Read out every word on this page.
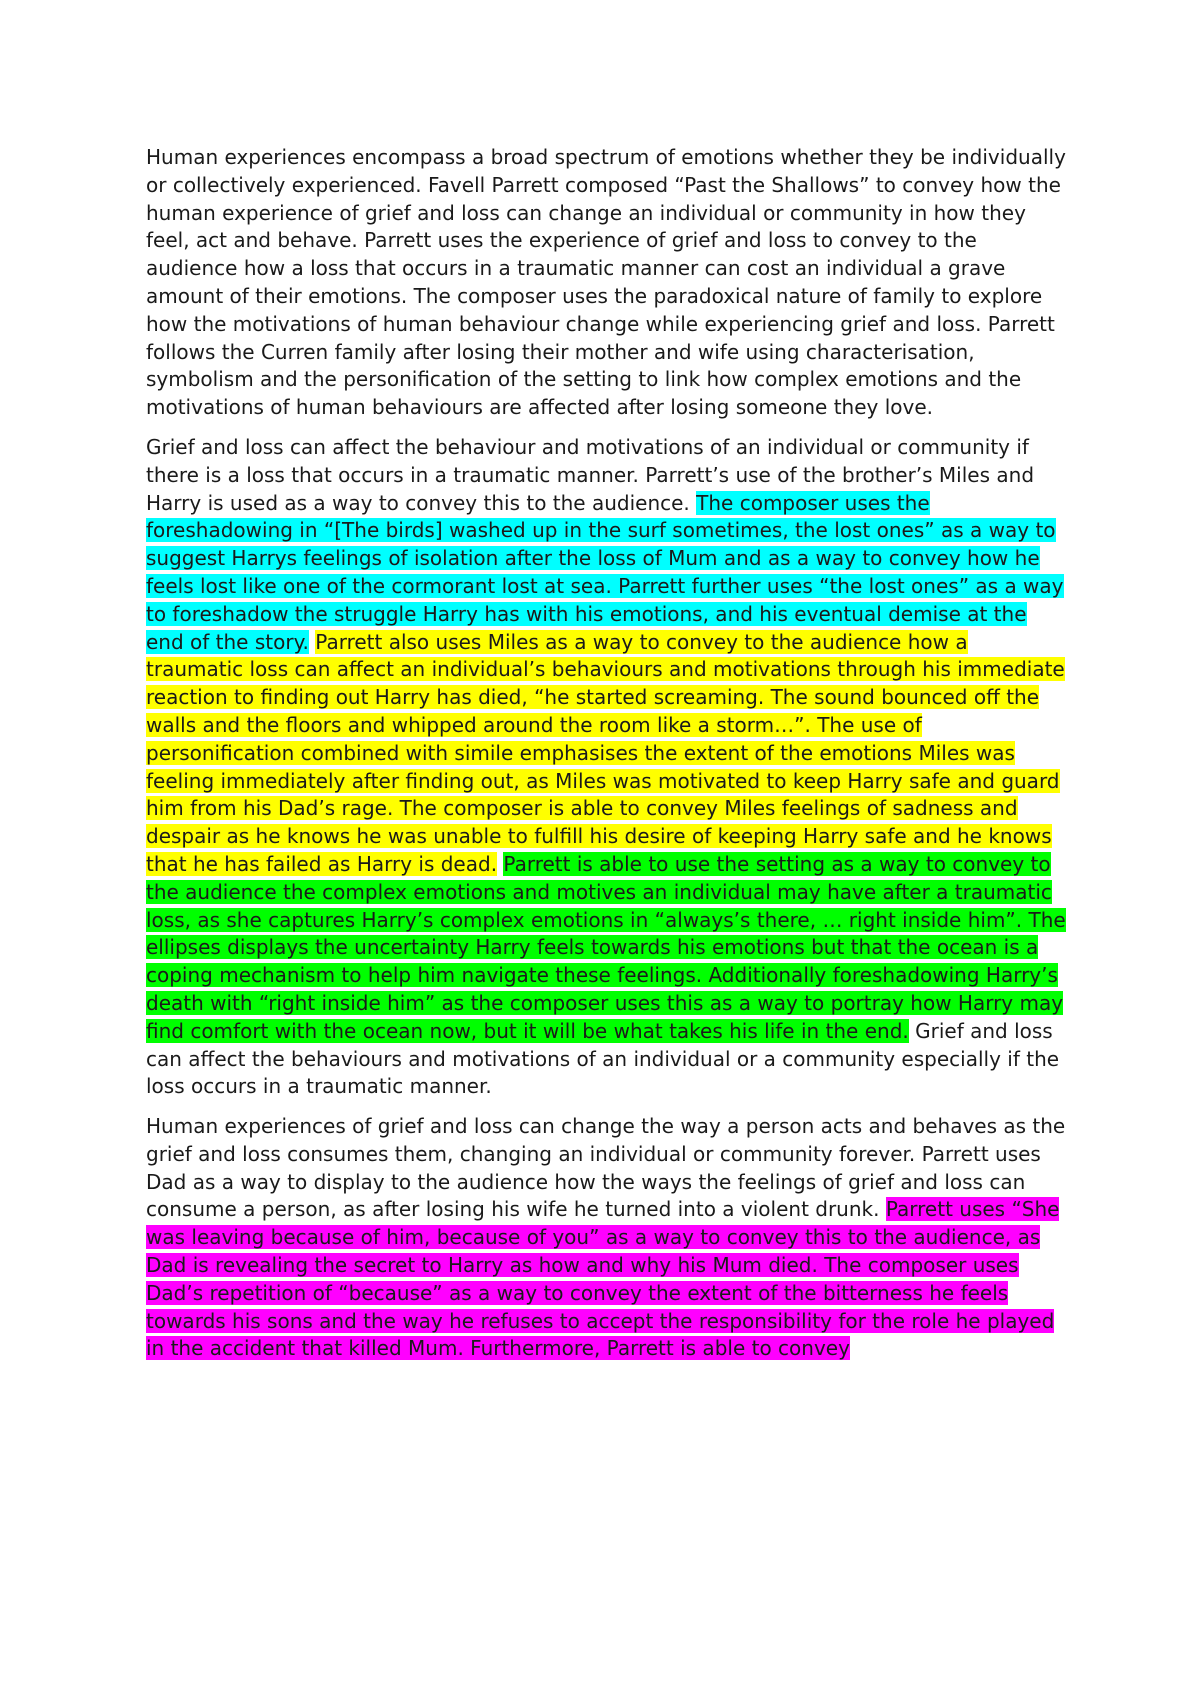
Human experiences encompass a broad spectrum of emotions whether they be individually or collectively experienced. Favell Parrett composed “Past the Shallows” to convey how the human experience of grief and loss can change an individual or community in how they feel, act and behave. Parrett uses the experience of grief and loss to convey to the audience how a loss that occurs in a traumatic manner can cost an individual a grave amount of their emotions. The composer uses the paradoxical nature of family to explore how the motivations of human behaviour change while experiencing grief and loss. Parrett follows the Curren family after losing their mother and wife using characterisation, symbolism and the personification of the setting to link how complex emotions and the motivations of human behaviours are affected after losing someone they love.

Grief and loss can affect the behaviour and motivations of an individual or community if there is a loss that occurs in a traumatic manner. Parrett’s use of the brother’s Miles and Harry is used as a way to convey this to the audience. The composer uses the foreshadowing in “[The birds] washed up in the surf sometimes, the lost ones” as a way to suggest Harrys feelings of isolation after the loss of Mum and as a way to convey how he feels lost like one of the cormorant lost at sea. Parrett further uses “the lost ones” as a way to foreshadow the struggle Harry has with his emotions, and his eventual demise at the end of the story. Parrett also uses Miles as a way to convey to the audience how a traumatic loss can affect an individual’s behaviours and motivations through his immediate reaction to finding out Harry has died, “he started screaming. The sound bounced off the walls and the floors and whipped around the room like a storm…”. The use of personification combined with simile emphasises the extent of the emotions Miles was feeling immediately after finding out, as Miles was motivated to keep Harry safe and guard him from his Dad’s rage. The composer is able to convey Miles feelings of sadness and despair as he knows he was unable to fulfill his desire of keeping Harry safe and he knows that he has failed as Harry is dead. Parrett is able to use the setting as a way to convey to the audience the complex emotions and motives an individual may have after a traumatic loss, as she captures Harry’s complex emotions in “always’s there, … right inside him”. The ellipses displays the uncertainty Harry feels towards his emotions but that the ocean is a coping mechanism to help him navigate these feelings. Additionally foreshadowing Harry’s death with “right inside him” as the composer uses this as a way to portray how Harry may find comfort with the ocean now, but it will be what takes his life in the end. Grief and loss can affect the behaviours and motivations of an individual or a community especially if the loss occurs in a traumatic manner.

Human experiences of grief and loss can change the way a person acts and behaves as the grief and loss consumes them, changing an individual or community forever. Parrett uses Dad as a way to display to the audience how the ways the feelings of grief and loss can consume a person, as after losing his wife he turned into a violent drunk. Parrett uses “She was leaving because of him, because of you” as a way to convey this to the audience, as Dad is revealing the secret to Harry as how and why his Mum died. The composer uses Dad’s repetition of “because” as a way to convey the extent of the bitterness he feels towards his sons and the way he refuses to accept the responsibility for the role he played in the accident that killed Mum. Furthermore, Parrett is able to convey
